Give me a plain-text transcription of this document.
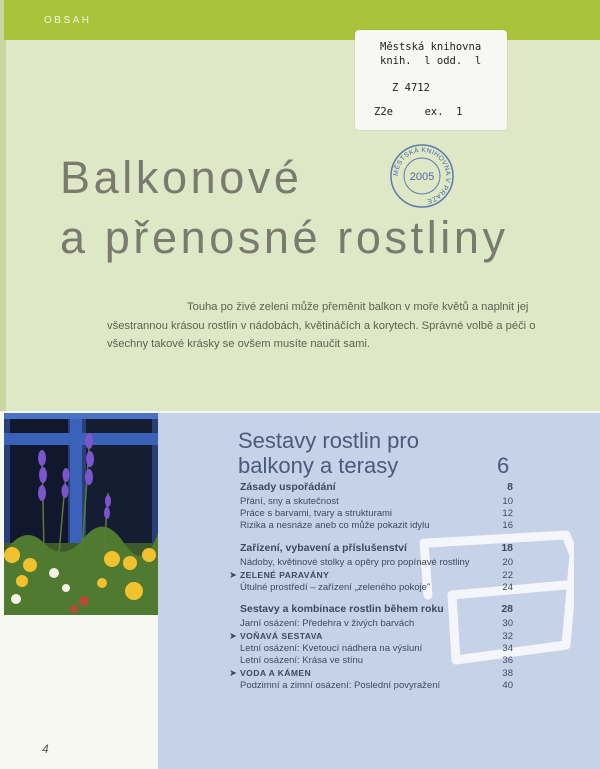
OBSAH
Městská knihovna
knih.  l odd.  l
Z 4712
Z2e     ex.  1
MĚSTSKÁ KNIHOVNA V PRAZE
2005
Balkonové
a přenosné rostliny

Touha po živé zeleni může přeměnit balkon v moře květů a naplnit jej všestrannou krásou rostlin v nádobách, květináčích a korytech. Správné volbě a péči o všechny takové krásky se ovšem musíte naučit sami.

Sestavy rostlin pro
balkony a terasy	6
Zásady uspořádání	8
Přání, sny a skutečnost	10
Práce s barvami, tvary a strukturami	12
Rizika a nesnáze aneb co může pokazit idylu	16
Zařízení, vybavení a příslušenství	18
Nádoby, květinové stolky a opěry pro popínavé rostliny	20
➤ ZELENÉ PARAVÁNY	22
Útulné prostředí – zařízení „zeleného pokoje"	24
Sestavy a kombinace rostlin během roku	28
Jarní osázení: Předehra v živých barvách	30
➤ VOŇAVÁ SESTAVA	32
Letní osázení: Kvetoucí nádhera na výsluní	34
Letní osázení: Krása ve stínu	36
➤ VODA A KÁMEN	38
Podzimní a zimní osázení: Poslední povyražení	40
4
